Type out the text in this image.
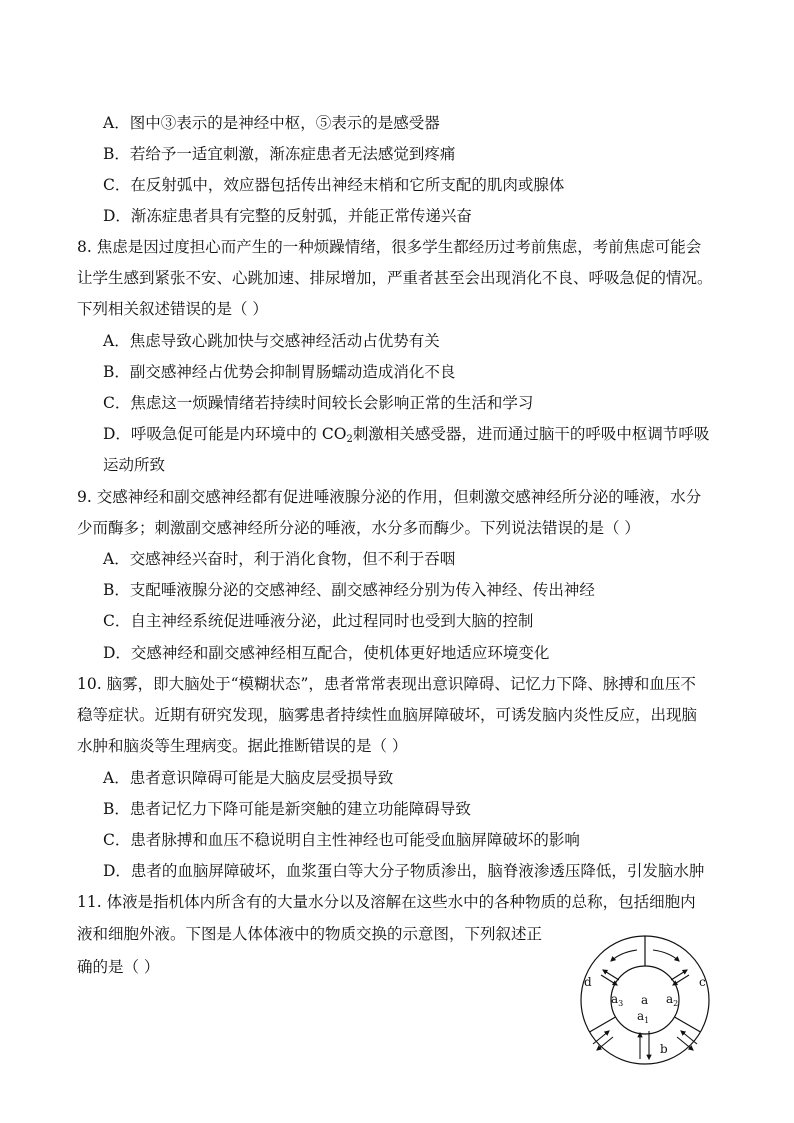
A．图中③表示的是神经中枢，⑤表示的是感受器
B．若给予一适宜刺激，渐冻症患者无法感觉到疼痛
C．在反射弧中，效应器包括传出神经末梢和它所支配的肌肉或腺体
D．渐冻症患者具有完整的反射弧，并能正常传递兴奋
8. 焦虑是因过度担心而产生的一种烦躁情绪，很多学生都经历过考前焦虑，考前焦虑可能会
让学生感到紧张不安、心跳加速、排尿增加，严重者甚至会出现消化不良、呼吸急促的情况。
下列相关叙述错误的是（ ）
A．焦虑导致心跳加快与交感神经活动占优势有关
B．副交感神经占优势会抑制胃肠蠕动造成消化不良
C．焦虑这一烦躁情绪若持续时间较长会影响正常的生活和学习
D．呼吸急促可能是内环境中的 $CO_2$刺激相关感受器，进而通过脑干的呼吸中枢调节呼吸
运动所致
9. 交感神经和副交感神经都有促进唾液腺分泌的作用，但刺激交感神经所分泌的唾液，水分
少而酶多；刺激副交感神经所分泌的唾液，水分多而酶少。下列说法错误的是（ ）
A．交感神经兴奋时，利于消化食物，但不利于吞咽
B．支配唾液腺分泌的交感神经、副交感神经分别为传入神经、传出神经
C．自主神经系统促进唾液分泌，此过程同时也受到大脑的控制
D．交感神经和副交感神经相互配合，使机体更好地适应环境变化
10. 脑雾，即大脑处于“模糊状态”，患者常常表现出意识障碍、记忆力下降、脉搏和血压不
稳等症状。近期有研究发现，脑雾患者持续性血脑屏障破坏，可诱发脑内炎性反应，出现脑
水肿和脑炎等生理病变。据此推断错误的是（ ）
A．患者意识障碍可能是大脑皮层受损导致
B．患者记忆力下降可能是新突触的建立功能障碍导致
C．患者脉搏和血压不稳说明自主性神经也可能受血脑屏障破坏的影响
D．患者的血脑屏障破坏，血浆蛋白等大分子物质渗出，脑脊液渗透压降低，引发脑水肿
11. 体液是指机体内所含有的大量水分以及溶解在这些水中的各种物质的总称，包括细胞内
液和细胞外液。下图是人体体液中的物质交换的示意图，下列叙述正
确的是（ ）
a
$a_3$	$a_2$
$a_1$
d	c
b
